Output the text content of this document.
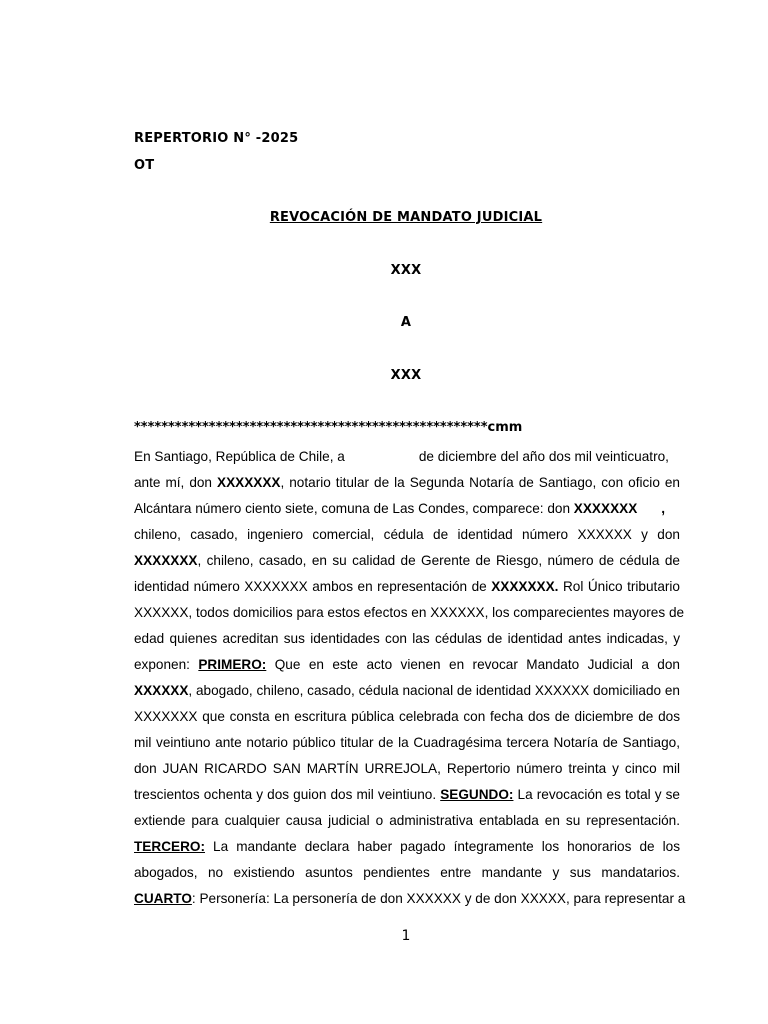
REPERTORIO N° -2025
OT
REVOCACIÓN DE MANDATO JUDICIAL
XXX
A
XXX
****************************************************cmm
En Santiago, República de Chile, a	de diciembre del año dos mil veinticuatro,
ante mí, don XXXXXXX, notario titular de la Segunda Notaría de Santiago, con oficio en
Alcántara número ciento siete, comuna de Las Condes, comparece: don XXXXXXX ,
chileno, casado, ingeniero comercial, cédula de identidad número XXXXXX y don
XXXXXXX, chileno, casado, en su calidad de Gerente de Riesgo, número de cédula de
identidad número XXXXXXX ambos en representación de XXXXXXX. Rol Único tributario
XXXXXX, todos domicilios para estos efectos en XXXXXX, los comparecientes mayores de
edad quienes acreditan sus identidades con las cédulas de identidad antes indicadas, y
exponen: PRIMERO: Que en este acto vienen en revocar Mandato Judicial a don
XXXXXX, abogado, chileno, casado, cédula nacional de identidad XXXXXX domiciliado en
XXXXXXX que consta en escritura pública celebrada con fecha dos de diciembre de dos
mil veintiuno ante notario público titular de la Cuadragésima tercera Notaría de Santiago,
don JUAN RICARDO SAN MARTÍN URREJOLA, Repertorio número treinta y cinco mil
trescientos ochenta y dos guion dos mil veintiuno. SEGUNDO: La revocación es total y se
extiende para cualquier causa judicial o administrativa entablada en su representación.
TERCERO: La mandante declara haber pagado íntegramente los honorarios de los
abogados, no existiendo asuntos pendientes entre mandante y sus mandatarios.
CUARTO: Personería: La personería de don XXXXXX y de don XXXXX, para representar a
1
